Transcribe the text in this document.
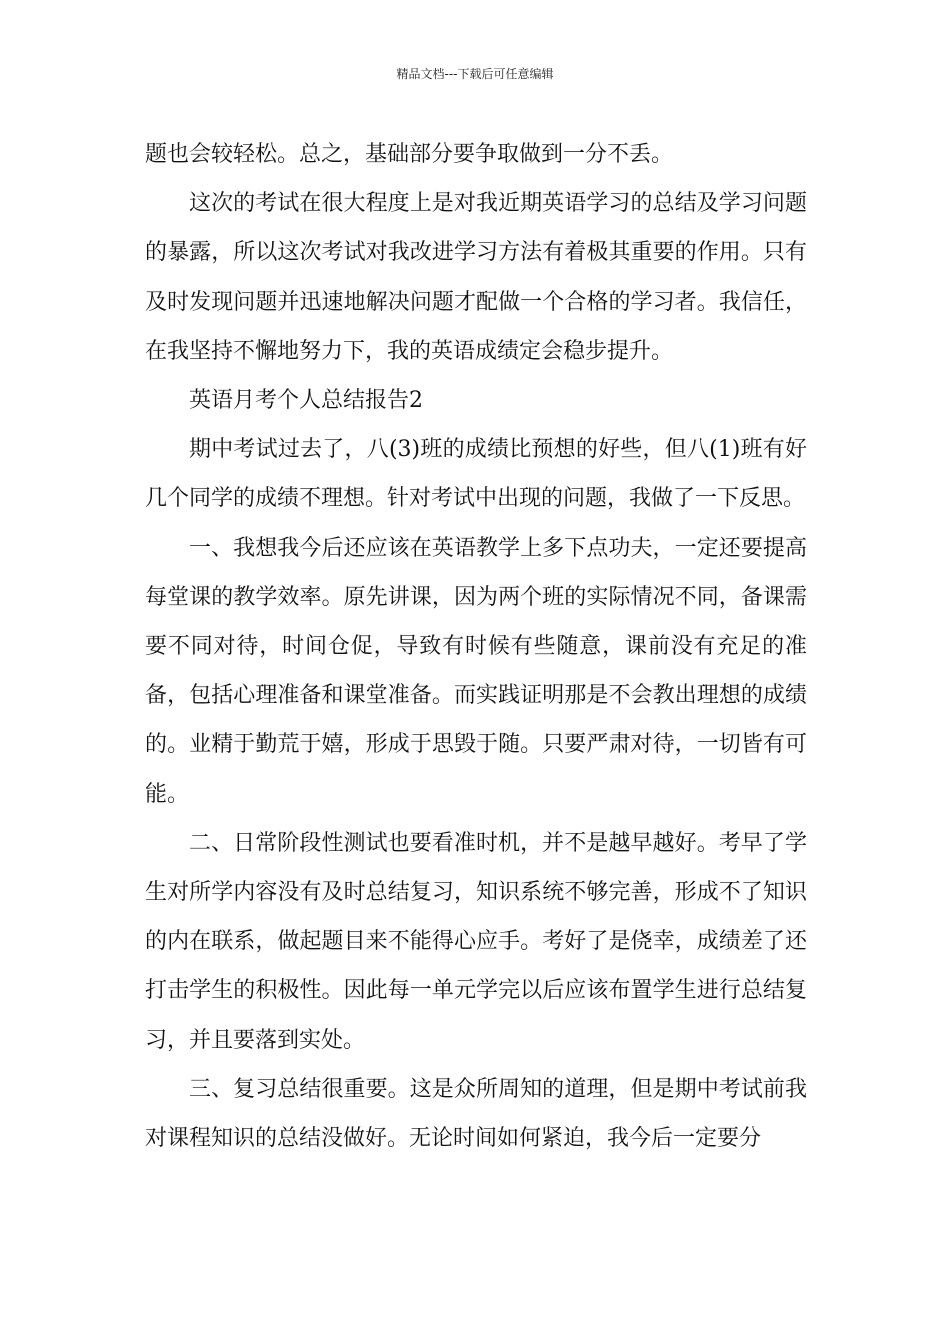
精品文档---下载后可任意编辑

题也会较轻松。总之，基础部分要争取做到一分不丢。

这次的考试在很大程度上是对我近期英语学习的总结及学习问题的暴露，所以这次考试对我改进学习方法有着极其重要的作用。只有及时发现问题并迅速地解决问题才配做一个合格的学习者。我信任，在我坚持不懈地努力下，我的英语成绩定会稳步提升。

英语月考个人总结报告2

期中考试过去了，八(3)班的成绩比预想的好些，但八(1)班有好几个同学的成绩不理想。针对考试中出现的问题，我做了一下反思。

一、我想我今后还应该在英语教学上多下点功夫，一定还要提高每堂课的教学效率。原先讲课，因为两个班的实际情况不同，备课需要不同对待，时间仓促，导致有时候有些随意，课前没有充足的准备，包括心理准备和课堂准备。而实践证明那是不会教出理想的成绩的。业精于勤荒于嬉，形成于思毁于随。只要严肃对待，一切皆有可能。

二、日常阶段性测试也要看准时机，并不是越早越好。考早了学生对所学内容没有及时总结复习，知识系统不够完善，形成不了知识的内在联系，做起题目来不能得心应手。考好了是侥幸，成绩差了还打击学生的积极性。因此每一单元学完以后应该布置学生进行总结复习，并且要落到实处。

三、复习总结很重要。这是众所周知的道理，但是期中考试前我对课程知识的总结没做好。无论时间如何紧迫，我今后一定要分
